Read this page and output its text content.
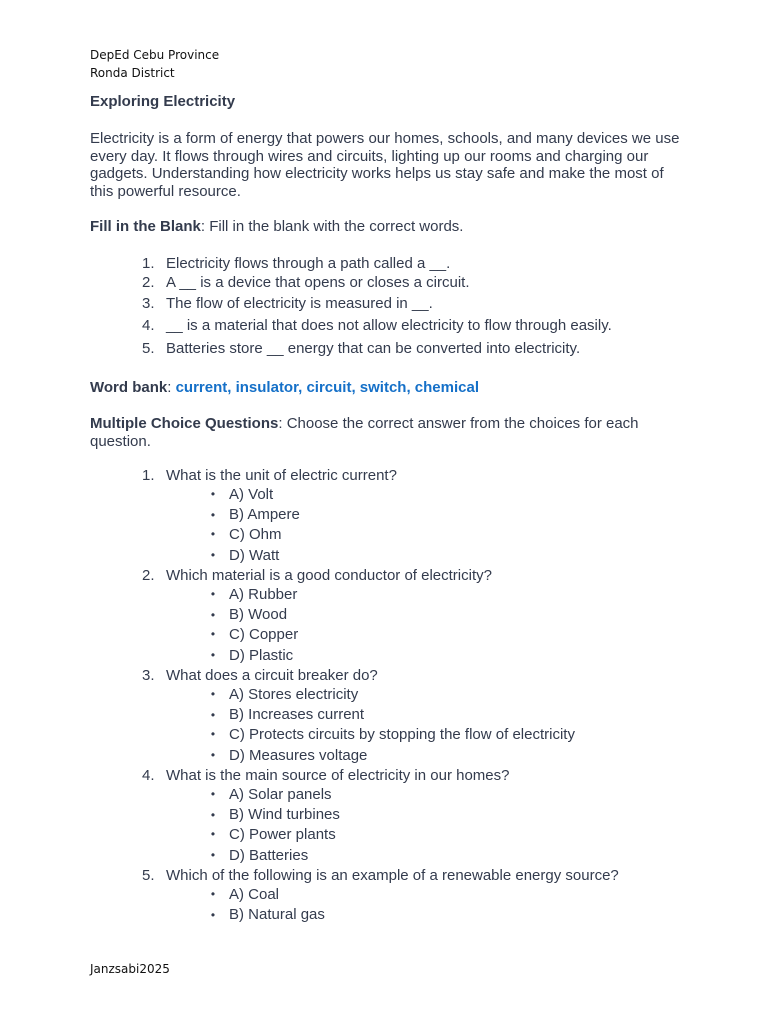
DepEd Cebu Province
Ronda District

Exploring Electricity

Electricity is a form of energy that powers our homes, schools, and many devices we use every day. It flows through wires and circuits, lighting up our rooms and charging our gadgets. Understanding how electricity works helps us stay safe and make the most of this powerful resource.

Fill in the Blank: Fill in the blank with the correct words.

1. Electricity flows through a path called a __.
2. A __ is a device that opens or closes a circuit.
3. The flow of electricity is measured in __.
4. __ is a material that does not allow electricity to flow through easily.
5. Batteries store __ energy that can be converted into electricity.

Word bank: current, insulator, circuit, switch, chemical

Multiple Choice Questions: Choose the correct answer from the choices for each question.

1. What is the unit of electric current?
• A) Volt
• B) Ampere
• C) Ohm
• D) Watt
2. Which material is a good conductor of electricity?
• A) Rubber
• B) Wood
• C) Copper
• D) Plastic
3. What does a circuit breaker do?
• A) Stores electricity
• B) Increases current
• C) Protects circuits by stopping the flow of electricity
• D) Measures voltage
4. What is the main source of electricity in our homes?
• A) Solar panels
• B) Wind turbines
• C) Power plants
• D) Batteries
5. Which of the following is an example of a renewable energy source?
• A) Coal
• B) Natural gas
Janzsabi2025
